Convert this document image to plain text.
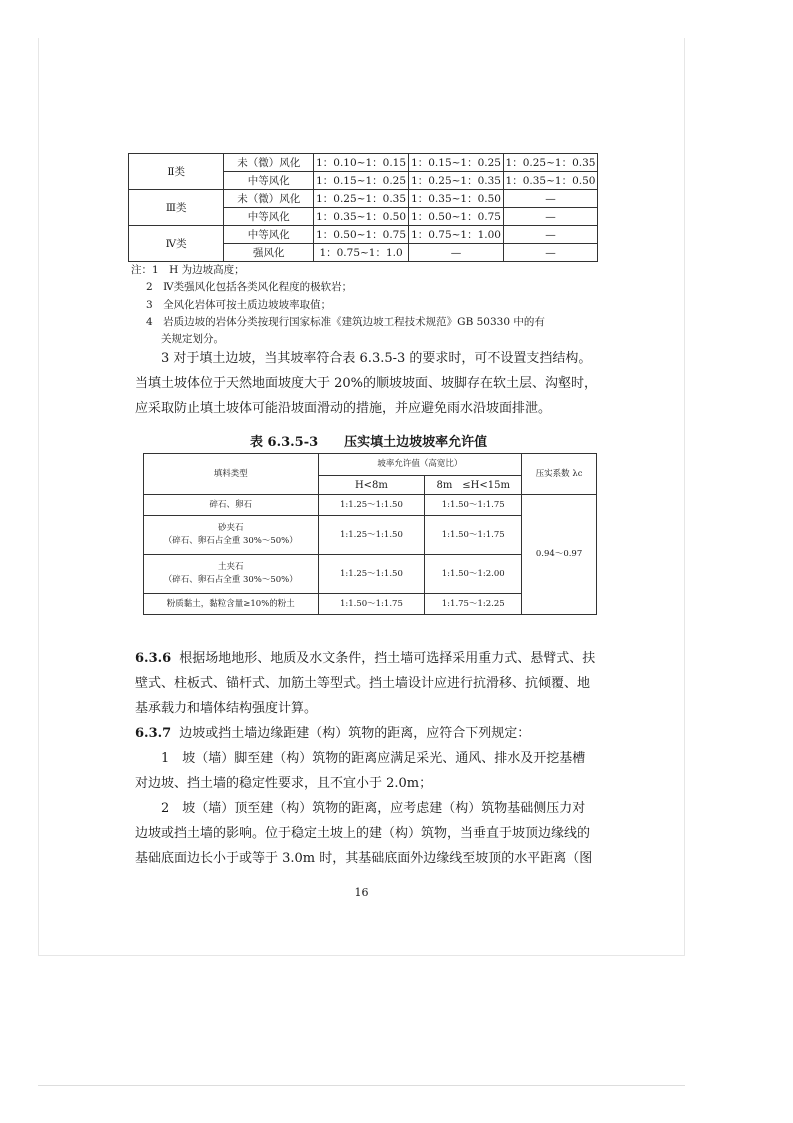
Ⅱ类	未（微）风化	1：0.10~1：0.15	1：0.15~1：0.25	1：0.25~1：0.35
	中等风化	1：0.15~1：0.25	1：0.25~1：0.35	1：0.35~1：0.50
Ⅲ类	未（微）风化	1：0.25~1：0.35	1：0.35~1：0.50	—
	中等风化	1：0.35~1：0.50	1：0.50~1：0.75	—
Ⅳ类	中等风化	1：0.50~1：0.75	1：0.75~1：1.00	—
	强风化	1：0.75~1：1.0	—	—
注：1　H 为边坡高度；
2　Ⅳ类强风化包括各类风化程度的极软岩；
3　全风化岩体可按土质边坡坡率取值；
4　岩质边坡的岩体分类按现行国家标准《建筑边坡工程技术规范》GB 50330 中的有
关规定划分。
3 对于填土边坡，当其坡率符合表 6.3.5-3 的要求时，可不设置支挡结构。
当填土坡体位于天然地面坡度大于 20%的顺坡坡面、坡脚存在软土层、沟壑时，
应采取防止填土坡体可能沿坡面滑动的措施，并应避免雨水沿坡面排泄。
表 6.3.5-3 压实填土边坡坡率允许值
填料类型	坡率允许值（高宽比）		压实系数 λc
	H<8m	8m　≤H<15m	
碎石、卵石	1:1.25～1:1.50	1:1.50～1:1.75	0.94～0.97

砂夹石
（碎石、卵石占全重 30%～50%）	1:1.25～1:1.50	1:1.50～1:1.75	

土夹石
（碎石、卵石占全重 30%～50%）	1:1.25～1:1.50	1:1.50～1:2.00	
粉质黏土，黏粒含量≥10%的粉土	1:1.50～1:1.75	1:1.75～1:2.25	
6.3.6 根据场地地形、地质及水文条件，挡土墙可选择采用重力式、悬臂式、扶
壁式、柱板式、锚杆式、加筋土等型式。挡土墙设计应进行抗滑移、抗倾覆、地
基承载力和墙体结构强度计算。
6.3.7 边坡或挡土墙边缘距建（构）筑物的距离，应符合下列规定：
1　坡（墙）脚至建（构）筑物的距离应满足采光、通风、排水及开挖基槽
对边坡、挡土墙的稳定性要求，且不宜小于 2.0m；
2　坡（墙）顶至建（构）筑物的距离，应考虑建（构）筑物基础侧压力对
边坡或挡土墙的影响。位于稳定土坡上的建（构）筑物，当垂直于坡顶边缘线的
基础底面边长小于或等于 3.0m 时，其基础底面外边缘线至坡顶的水平距离（图
16
